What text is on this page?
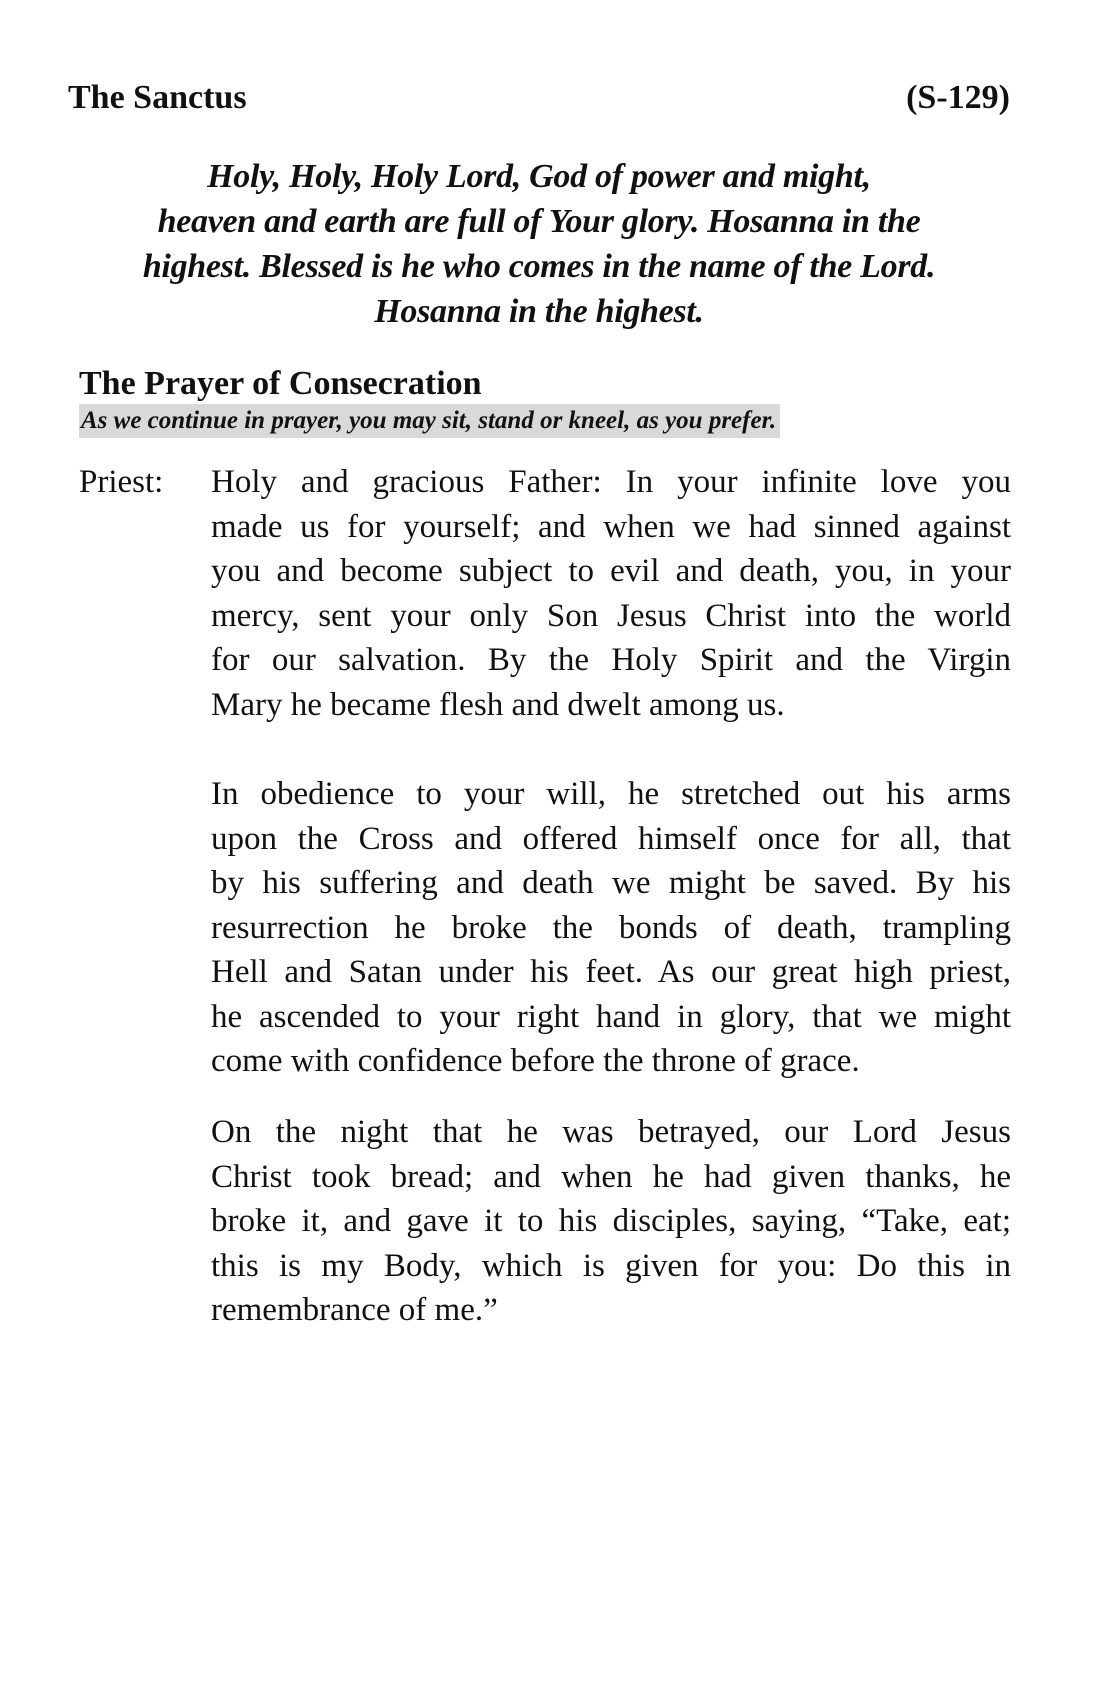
The Sanctus	(S-129)
Holy, Holy, Holy Lord, God of power and might,
heaven and earth are full of Your glory. Hosanna in the
highest. Blessed is he who comes in the name of the Lord.
Hosanna in the highest.
The Prayer of Consecration
As we continue in prayer, you may sit, stand or kneel, as you prefer.
Priest: Holy and gracious Father: In your infinite love you
made us for yourself; and when we had sinned against
you and become subject to evil and death, you, in your
mercy, sent your only Son Jesus Christ into the world
for our salvation. By the Holy Spirit and the Virgin
Mary he became flesh and dwelt among us.
In obedience to your will, he stretched out his arms
upon the Cross and offered himself once for all, that
by his suffering and death we might be saved. By his
resurrection he broke the bonds of death, trampling
Hell and Satan under his feet. As our great high priest,
he ascended to your right hand in glory, that we might
come with confidence before the throne of grace.
On the night that he was betrayed, our Lord Jesus
Christ took bread; and when he had given thanks, he
broke it, and gave it to his disciples, saying, “Take, eat;
this is my Body, which is given for you: Do this in
remembrance of me.”
